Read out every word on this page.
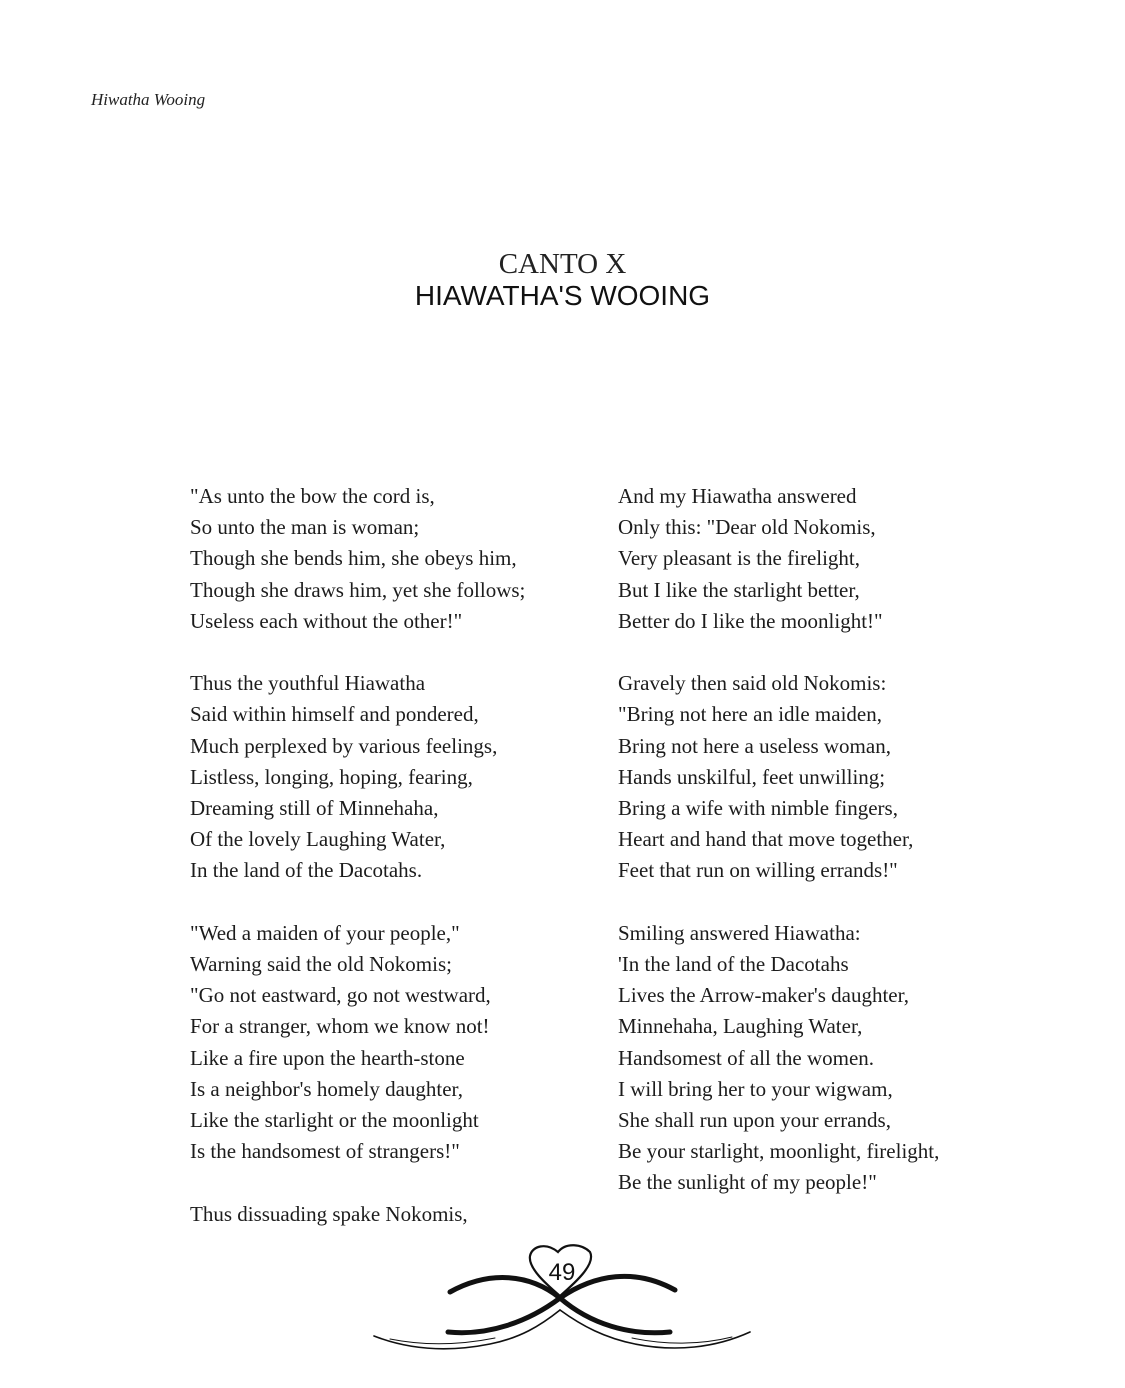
Hiwatha Wooing
CANTO X
HIAWATHA'S WOOING
"As unto the bow the cord is,
So unto the man is woman;
Though she bends him, she obeys him,
Though she draws him, yet she follows;
Useless each without the other!"
Thus the youthful Hiawatha
Said within himself and pondered,
Much perplexed by various feelings,
Listless, longing, hoping, fearing,
Dreaming still of Minnehaha,
Of the lovely Laughing Water,
In the land of the Dacotahs.
"Wed a maiden of your people,"
Warning said the old Nokomis;
"Go not eastward, go not westward,
For a stranger, whom we know not!
Like a fire upon the hearth-stone
Is a neighbor's homely daughter,
Like the starlight or the moonlight
Is the handsomest of strangers!"
Thus dissuading spake Nokomis,
And my Hiawatha answered
Only this: "Dear old Nokomis,
Very pleasant is the firelight,
But I like the starlight better,
Better do I like the moonlight!"
Gravely then said old Nokomis:
"Bring not here an idle maiden,
Bring not here a useless woman,
Hands unskilful, feet unwilling;
Bring a wife with nimble fingers,
Heart and hand that move together,
Feet that run on willing errands!"
Smiling answered Hiawatha:
'In the land of the Dacotahs
Lives the Arrow-maker's daughter,
Minnehaha, Laughing Water,
Handsomest of all the women.
I will bring her to your wigwam,
She shall run upon your errands,
Be your starlight, moonlight, firelight,
Be the sunlight of my people!"
49
